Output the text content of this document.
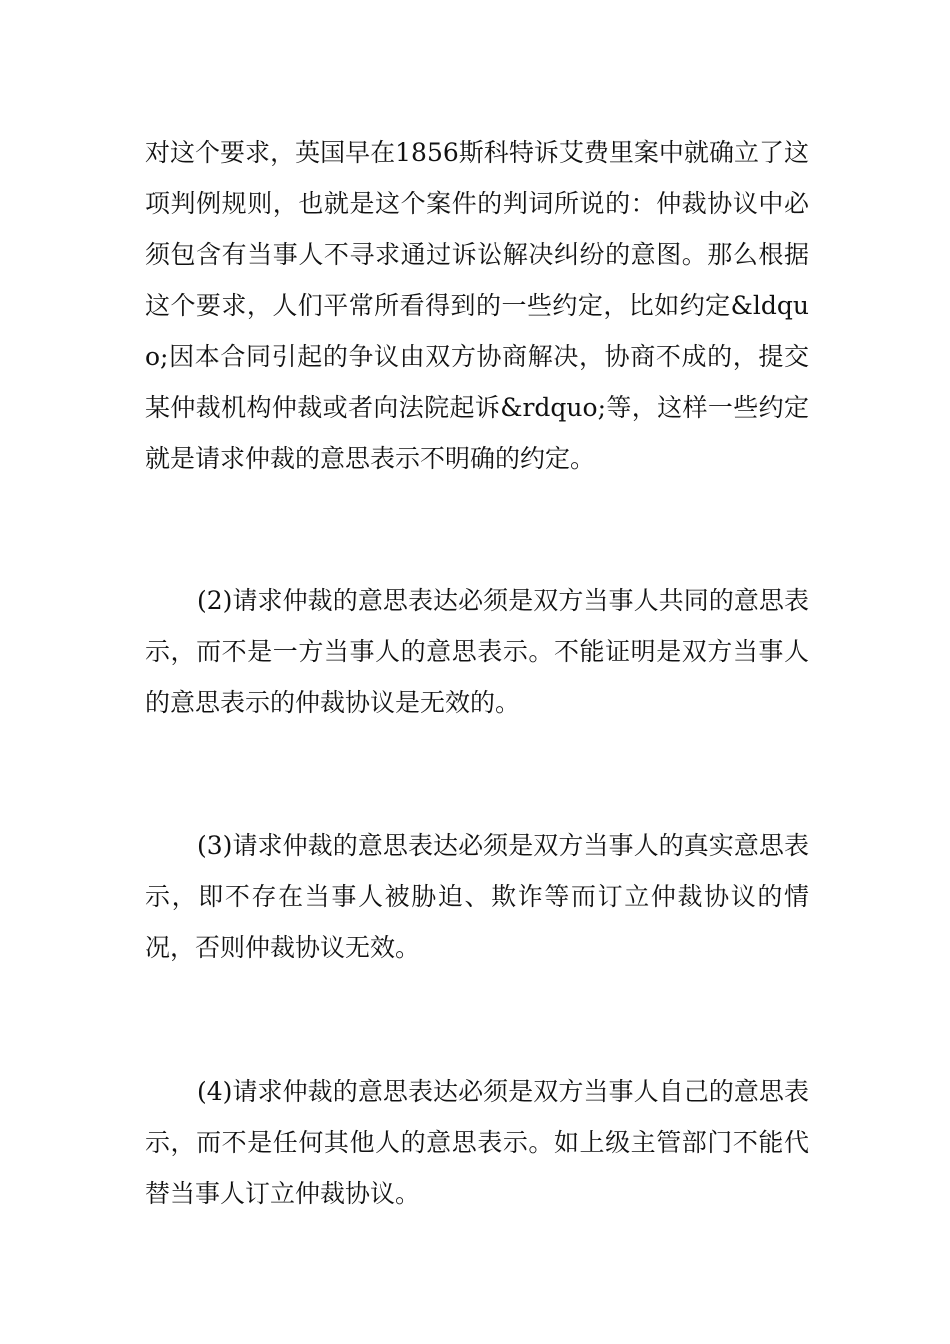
对这个要求，英国早在1856斯科特诉艾费里案中就确立了这项判例规则，也就是这个案件的判词所说的：仲裁协议中必须包含有当事人不寻求通过诉讼解决纠纷的意图。那么根据这个要求，人们平常所看得到的一些约定，比如约定&ldquo;因本合同引起的争议由双方协商解决，协商不成的，提交某仲裁机构仲裁或者向法院起诉&rdquo;等，这样一些约定就是请求仲裁的意思表示不明确的约定。

(2)请求仲裁的意思表达必须是双方当事人共同的意思表示，而不是一方当事人的意思表示。不能证明是双方当事人的意思表示的仲裁协议是无效的。

(3)请求仲裁的意思表达必须是双方当事人的真实意思表示，即不存在当事人被胁迫、欺诈等而订立仲裁协议的情况，否则仲裁协议无效。

(4)请求仲裁的意思表达必须是双方当事人自己的意思表示，而不是任何其他人的意思表示。如上级主管部门不能代替当事人订立仲裁协议。
